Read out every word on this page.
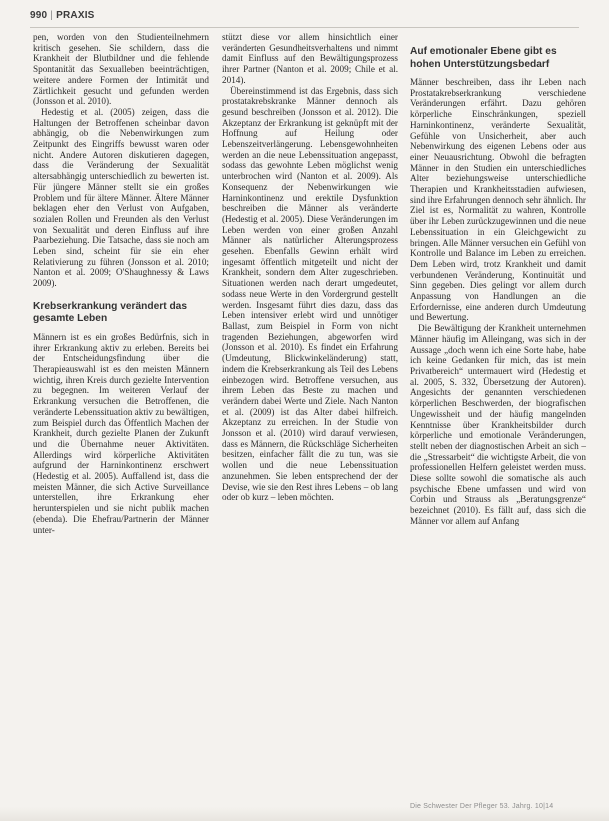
990 | PRAXIS

pen, worden von den Studienteilnehmern kritisch gesehen. Sie schildern, dass die Krankheit der Blutbildner und die fehlende Spontanität das Sexualleben beeinträchtigen, weitere andere Formen der Intimität und Zärtlichkeit gesucht und gefunden werden (Jonsson et al. 2010).

Hedestig et al. (2005) zeigen, dass die Haltungen der Betroffenen scheinbar davon abhängig, ob die Nebenwirkungen zum Zeitpunkt des Eingriffs bewusst waren oder nicht. Andere Autoren diskutieren dagegen, dass die Veränderung der Sexualität altersabhängig unterschiedlich zu bewerten ist. Für jüngere Männer stellt sie ein großes Problem und für ältere Männer. Ältere Männer beklagen eher den Verlust von Aufgaben, sozialen Rollen und Freunden als den Verlust von Sexualität und deren Einfluss auf ihre Paarbeziehung. Die Tatsache, dass sie noch am Leben sind, scheint für sie ein eher Relativierung zu führen (Jonsson et al. 2010; Nanton et al. 2009; O'Shaughnessy & Laws 2009).

Krebserkrankung verändert das gesamte Leben

Männern ist es ein großes Bedürfnis, sich in ihrer Erkrankung aktiv zu erleben. Bereits bei der Entscheidungsfindung über die Therapieauswahl ist es den meisten Männern wichtig, ihren Kreis durch gezielte Intervention zu begegnen. Im weiteren Verlauf der Erkrankung versuchen die Betroffenen, die veränderte Lebenssituation aktiv zu bewältigen, zum Beispiel durch das Öffentlich Machen der Krankheit, durch gezielte Planen der Zukunft und die Übernahme neuer Aktivitäten. Allerdings wird körperliche Aktivitäten aufgrund der Harninkontinenz erschwert (Hedestig et al. 2005). Auffallend ist, dass die meisten Männer, die sich Active Surveillance unterstellen, ihre Erkrankung eher herunterspielen und sie nicht publik machen (ebenda). Die Ehefrau/Partnerin der Männer unter-

stützt diese vor allem hinsichtlich einer veränderten Gesundheitsverhaltens und nimmt damit Einfluss auf den Bewältigungsprozess ihrer Partner (Nanton et al. 2009; Chile et al. 2014).

Übereinstimmend ist das Ergebnis, dass sich prostatakrebskranke Männer dennoch als gesund beschreiben (Jonsson et al. 2012). Die Akzeptanz der Erkrankung ist geknüpft mit der Hoffnung auf Heilung oder Lebenszeitverlängerung. Lebensgewohnheiten werden an die neue Lebenssituation angepasst, sodass das gewohnte Leben möglichst wenig unterbrochen wird (Nanton et al. 2009). Als Konsequenz der Nebenwirkungen wie Harninkontinenz und erektile Dysfunktion beschreiben die Männer als veränderte (Hedestig et al. 2005). Diese Veränderungen im Leben werden von einer großen Anzahl Männer als natürlicher Alterungsprozess gesehen. Ebenfalls Gewinn erhält wird ingesamt öffentlich mitgeteilt und nicht der Krankheit, sondern dem Alter zugeschrieben. Situationen werden nach derart umgedeutet, sodass neue Werte in den Vordergrund gestellt werden. Insgesamt führt dies dazu, dass das Leben intensiver erlebt wird und unnötiger Ballast, zum Beispiel in Form von nicht tragenden Beziehungen, abgeworfen wird (Jonsson et al. 2010). Es findet ein Erfahrung (Umdeutung, Blickwinkeländerung) statt, indem die Krebserkrankung als Teil des Lebens einbezogen wird. Betroffene versuchen, aus ihrem Leben das Beste zu machen und verändern dabei Werte und Ziele. Nach Nanton et al. (2009) ist das Alter dabei hilfreich. Akzeptanz zu erreichen. In der Studie von Jonsson et al. (2010) wird darauf verwiesen, dass es Männern, die Rückschläge Sicherheiten besitzen, einfacher fällt die zu tun, was sie wollen und die neue Lebenssituation anzunehmen. Sie leben entsprechend der der Devise, wie sie den Rest ihres Lebens – ob lang oder ob kurz – leben möchten.

Auf emotionaler Ebene gibt es hohen Unterstützungsbedarf

Männer beschreiben, dass ihr Leben nach Prostatakrebserkrankung verschiedene Veränderungen erfährt. Dazu gehören körperliche Einschränkungen, speziell Harninkontinenz, veränderte Sexualität, Gefühle von Unsicherheit, aber auch Nebenwirkung des eigenen Lebens oder aus einer Neuausrichtung. Obwohl die befragten Männer in den Studien ein unterschiedliches Alter beziehungsweise unterschiedliche Therapien und Krankheitsstadien aufwiesen, sind ihre Erfahrungen dennoch sehr ähnlich. Ihr Ziel ist es, Normalität zu wahren, Kontrolle über ihr Leben zurückzugewinnen und die neue Lebenssituation in ein Gleichgewicht zu bringen. Alle Männer versuchen ein Gefühl von Kontrolle und Balance im Leben zu erreichen. Dem Leben wird, trotz Krankheit und damit verbundenen Veränderung, Kontinuität und Sinn gegeben. Dies gelingt vor allem durch Anpassung von Handlungen an die Erfordernisse, eine anderen durch Umdeutung und Bewertung.

Die Bewältigung der Krankheit unternehmen Männer häufig im Alleingang, was sich in der Aussage „doch wenn ich eine Sorte habe, habe ich keine Gedanken für mich, das ist mein Privatbereich“ untermauert wird (Hedestig et al. 2005, S. 332, Übersetzung der Autoren). Angesichts der genannten verschiedenen körperlichen Beschwerden, der biografischen Ungewissheit und der häufig mangelnden Kenntnisse über Krankheitsbilder durch körperliche und emotionale Veränderungen, stellt neben der diagnostischen Arbeit an sich – die „Stressarbeit“ die wichtigste Arbeit, die von professionellen Helfern geleistet werden muss. Diese sollte sowohl die somatische als auch psychische Ebene umfassen und wird von Corbin und Strauss als „Beratungsgrenze“ bezeichnet (2010). Es fällt auf, dass sich die Männer vor allem auf Anfang

Die Schwester Der Pfleger 53. Jahrg. 10|14
